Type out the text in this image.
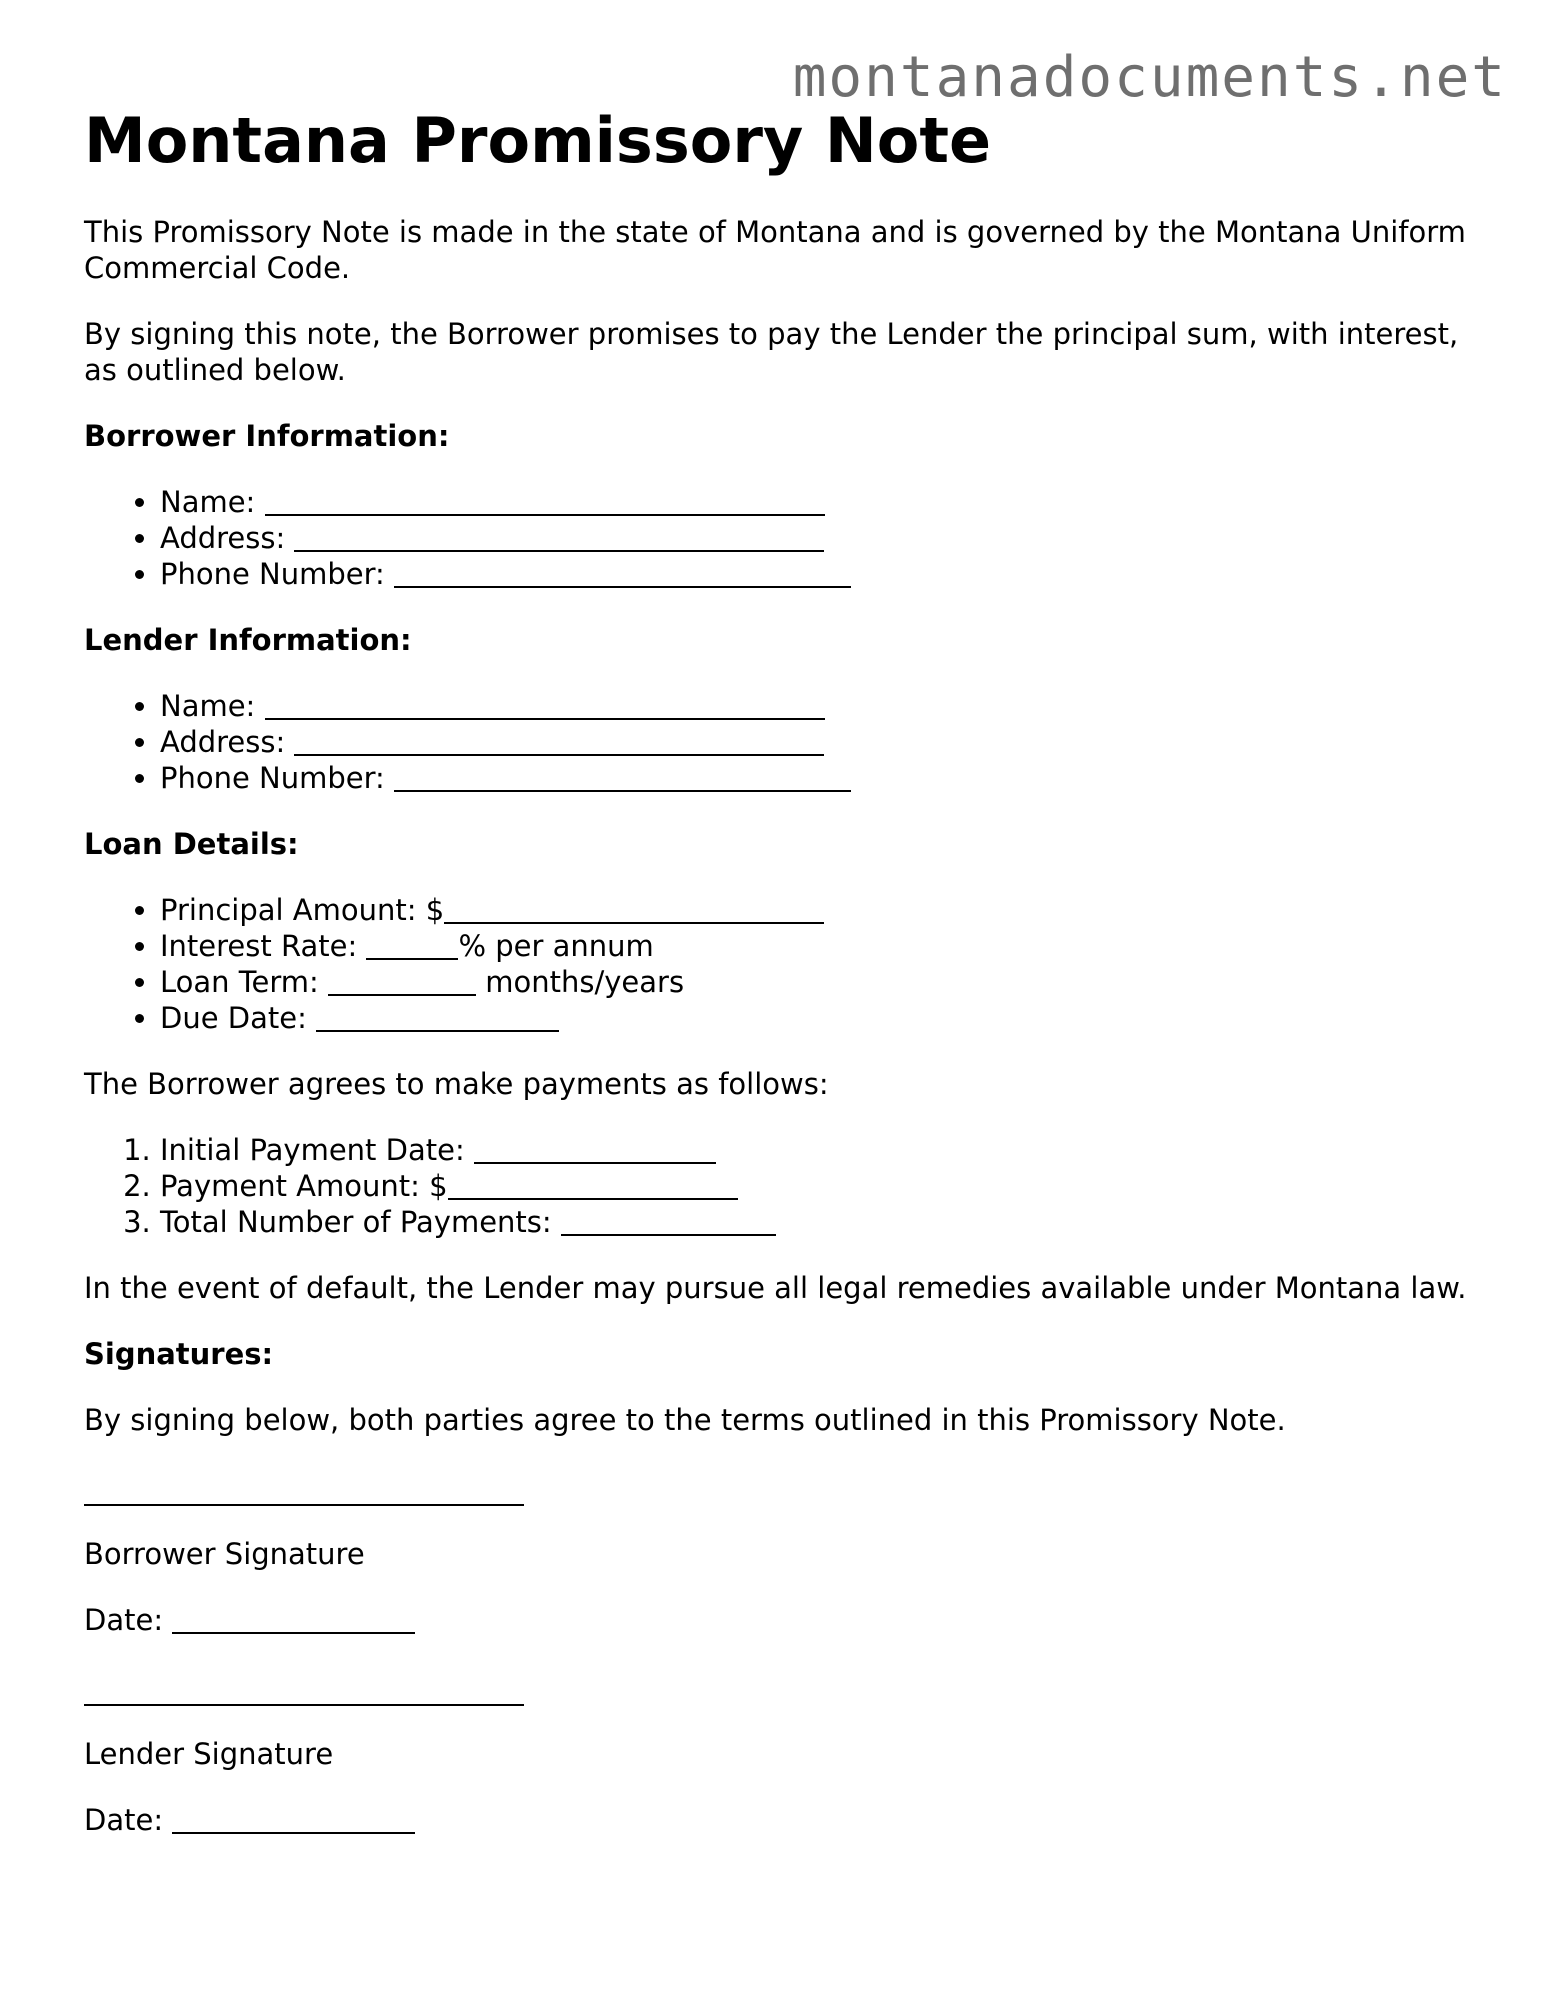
montanadocuments.net
Montana Promissory Note

This Promissory Note is made in the state of Montana and is governed by the Montana Uniform Commercial Code.

By signing this note, the Borrower promises to pay the Lender the principal sum, with interest, as outlined below.

Borrower Information:

• Name:
• Address:
• Phone Number:

Lender Information:

• Name:
• Address:
• Phone Number:

Loan Details:

• Principal Amount: $
• Interest Rate:	% per annum
• Loan Term:	months/years
• Due Date:

The Borrower agrees to make payments as follows:

1. Initial Payment Date:
2. Payment Amount: $
3. Total Number of Payments:

In the event of default, the Lender may pursue all legal remedies available under Montana law.

Signatures:

By signing below, both parties agree to the terms outlined in this Promissory Note.

Borrower Signature

Date:

Lender Signature

Date:
